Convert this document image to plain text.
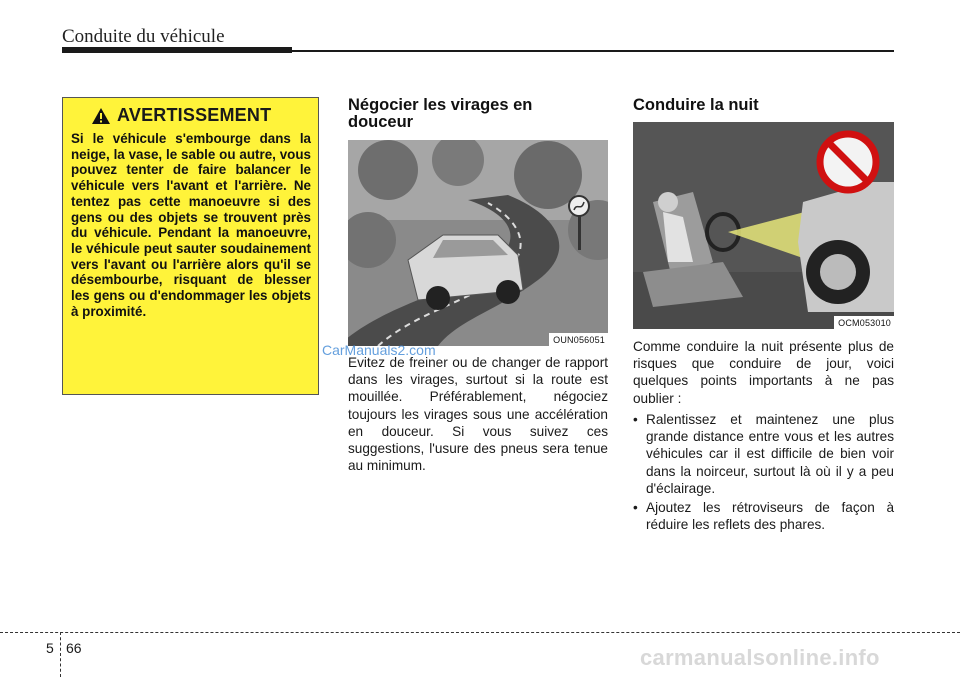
Conduite du véhicule
AVERTISSEMENT
Si le véhicule s'embourge dans la neige, la vase, le sable ou autre, vous pouvez tenter de faire balancer le véhicule vers l'avant et l'arrière. Ne tentez pas cette manoeuvre si des gens ou des objets se trouvent près du véhicule. Pendant la manoeuvre, le véhicule peut sauter soudainement vers l'avant ou l'arrière alors qu'il se désembourbe, risquant de blesser les gens ou d'endommager les objets à proximité.
Négocier les virages en douceur
OUN056051
Evitez de freiner ou de changer de rapport dans les virages, surtout si la route est mouillée. Préférablement, négociez toujours les virages sous une accélération en douceur. Si vous suivez ces suggestions, l'usure des pneus sera tenue au minimum.
Conduire la nuit
OCM053010
Comme conduire la nuit présente plus de risques que conduire de jour, voici quelques points importants à ne pas oublier :
• Ralentissez et maintenez une plus grande distance entre vous et les autres véhicules car il est difficile de bien voir dans la noirceur, surtout là où il y a peu d'éclairage.
• Ajoutez les rétroviseurs de façon à réduire les reflets des phares.
CarManuals2.com
carmanualsonline.info
5 66
